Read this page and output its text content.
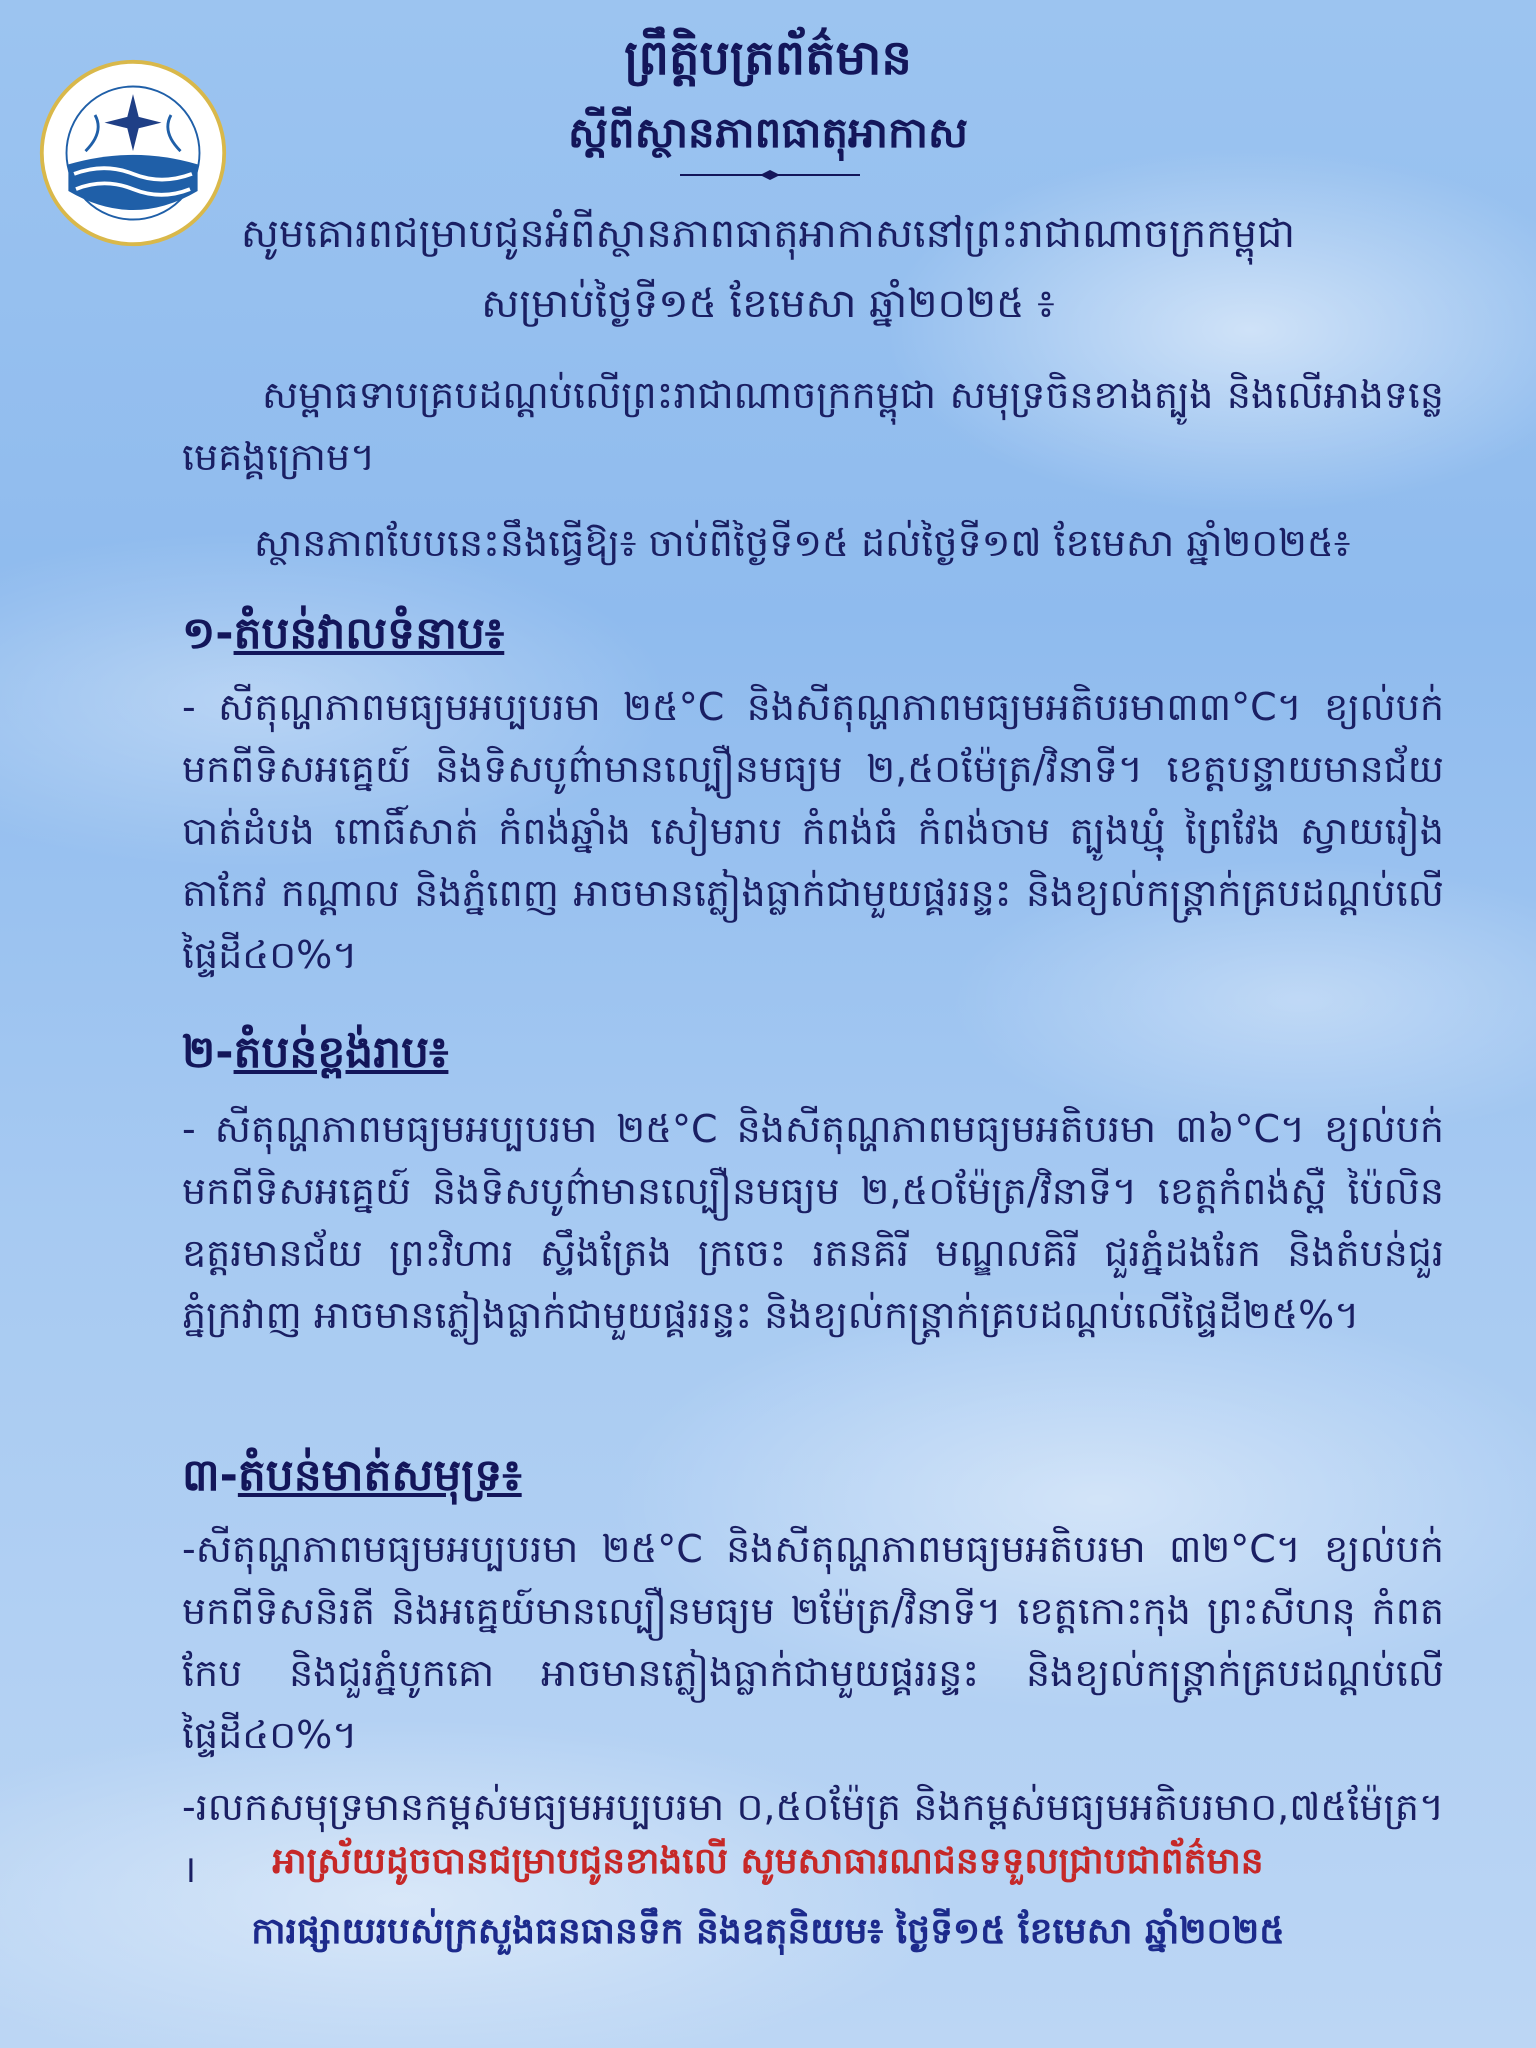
ព្រឹត្តិបត្រព័ត៌មាន
ស្តីពីស្ថានភាពធាតុអាកាស
សូមគោរពជម្រាបជូនអំពីស្ថានភាពធាតុអាកាសនៅព្រះរាជាណាចក្រកម្ពុជា
សម្រាប់ថ្ងៃទី១៥ ខែមេសា ឆ្នាំ២០២៥ ៖
សម្ពាធទាបគ្របដណ្តប់លើព្រះរាជាណាចក្រកម្ពុជា សមុទ្រចិនខាងត្បូង និងលើអាងទន្លេមេគង្គក្រោម។
ស្ថានភាពបែបនេះនឹងធ្វើឱ្យ៖ ចាប់ពីថ្ងៃទី១៥ ដល់ថ្ងៃទី១៧ ខែមេសា ឆ្នាំ២០២៥៖
១-តំបន់វាលទំនាប៖
- សីតុណ្ហភាពមធ្យមអប្បបរមា ២៥°C និងសីតុណ្ហភាពមធ្យមអតិបរមា៣៣°C។ ខ្យល់បក់មកពីទិសអគ្នេយ៍ និងទិសបូព៌ាមានល្បឿនមធ្យម ២,៥០ម៉ែត្រ/វិនាទី។ ខេត្តបន្ទាយមានជ័យ បាត់ដំបង ពោធិ៍សាត់ កំពង់ឆ្នាំង សៀមរាប កំពង់ធំ កំពង់ចាម ត្បូងឃ្មុំ ព្រៃវែង ស្វាយរៀង តាកែវ កណ្តាល និងភ្នំពេញ អាចមានភ្លៀងធ្លាក់ជាមួយផ្គររន្ទះ និងខ្យល់កន្ត្រាក់គ្របដណ្តប់លើផ្ទៃដី៤០%។
២-តំបន់ខ្ពង់រាប៖
- សីតុណ្ហភាពមធ្យមអប្បបរមា ២៥°C និងសីតុណ្ហភាពមធ្យមអតិបរមា ៣៦°C។ ខ្យល់បក់មកពីទិសអគ្នេយ៍ និងទិសបូព៌ាមានល្បឿនមធ្យម ២,៥០ម៉ែត្រ/វិនាទី។ ខេត្តកំពង់ស្ពឺ ប៉ៃលិន ឧត្តរមានជ័យ ព្រះវិហារ ស្ទឹងត្រែង ក្រចេះ រតនគិរី មណ្ឌលគិរី ជួរភ្នំដងរែក និងតំបន់ជួរភ្នំក្រវាញ អាចមានភ្លៀងធ្លាក់ជាមួយផ្គររន្ទះ និងខ្យល់កន្ត្រាក់គ្របដណ្តប់លើផ្ទៃដី២៥%។
៣-តំបន់មាត់សមុទ្រ៖
-សីតុណ្ហភាពមធ្យមអប្បបរមា ២៥°C និងសីតុណ្ហភាពមធ្យមអតិបរមា ៣២°C។ ខ្យល់បក់មកពីទិសនិរតី និងអគ្នេយ៍មានល្បឿនមធ្យម ២ម៉ែត្រ/វិនាទី។ ខេត្តកោះកុង ព្រះសីហនុ កំពត កែប និងជួរភ្នំបូកគោ អាចមានភ្លៀងធ្លាក់ជាមួយផ្គររន្ទះ និងខ្យល់កន្ត្រាក់គ្របដណ្តប់លើផ្ទៃដី៤០%។
-រលកសមុទ្រមានកម្ពស់មធ្យមអប្បបរមា ០,៥០ម៉ែត្រ និងកម្ពស់មធ្យមអតិបរមា០,៧៥ម៉ែត្រ។ ।	អាស្រ័យដូចបានជម្រាបជូនខាងលើ សូមសាធារណជនទទួលជ្រាបជាព័ត៌មាន
ការផ្សាយរបស់ក្រសួងធនធានទឹក និងឧតុនិយម៖ ថ្ងៃទី១៥ ខែមេសា ឆ្នាំ២០២៥
